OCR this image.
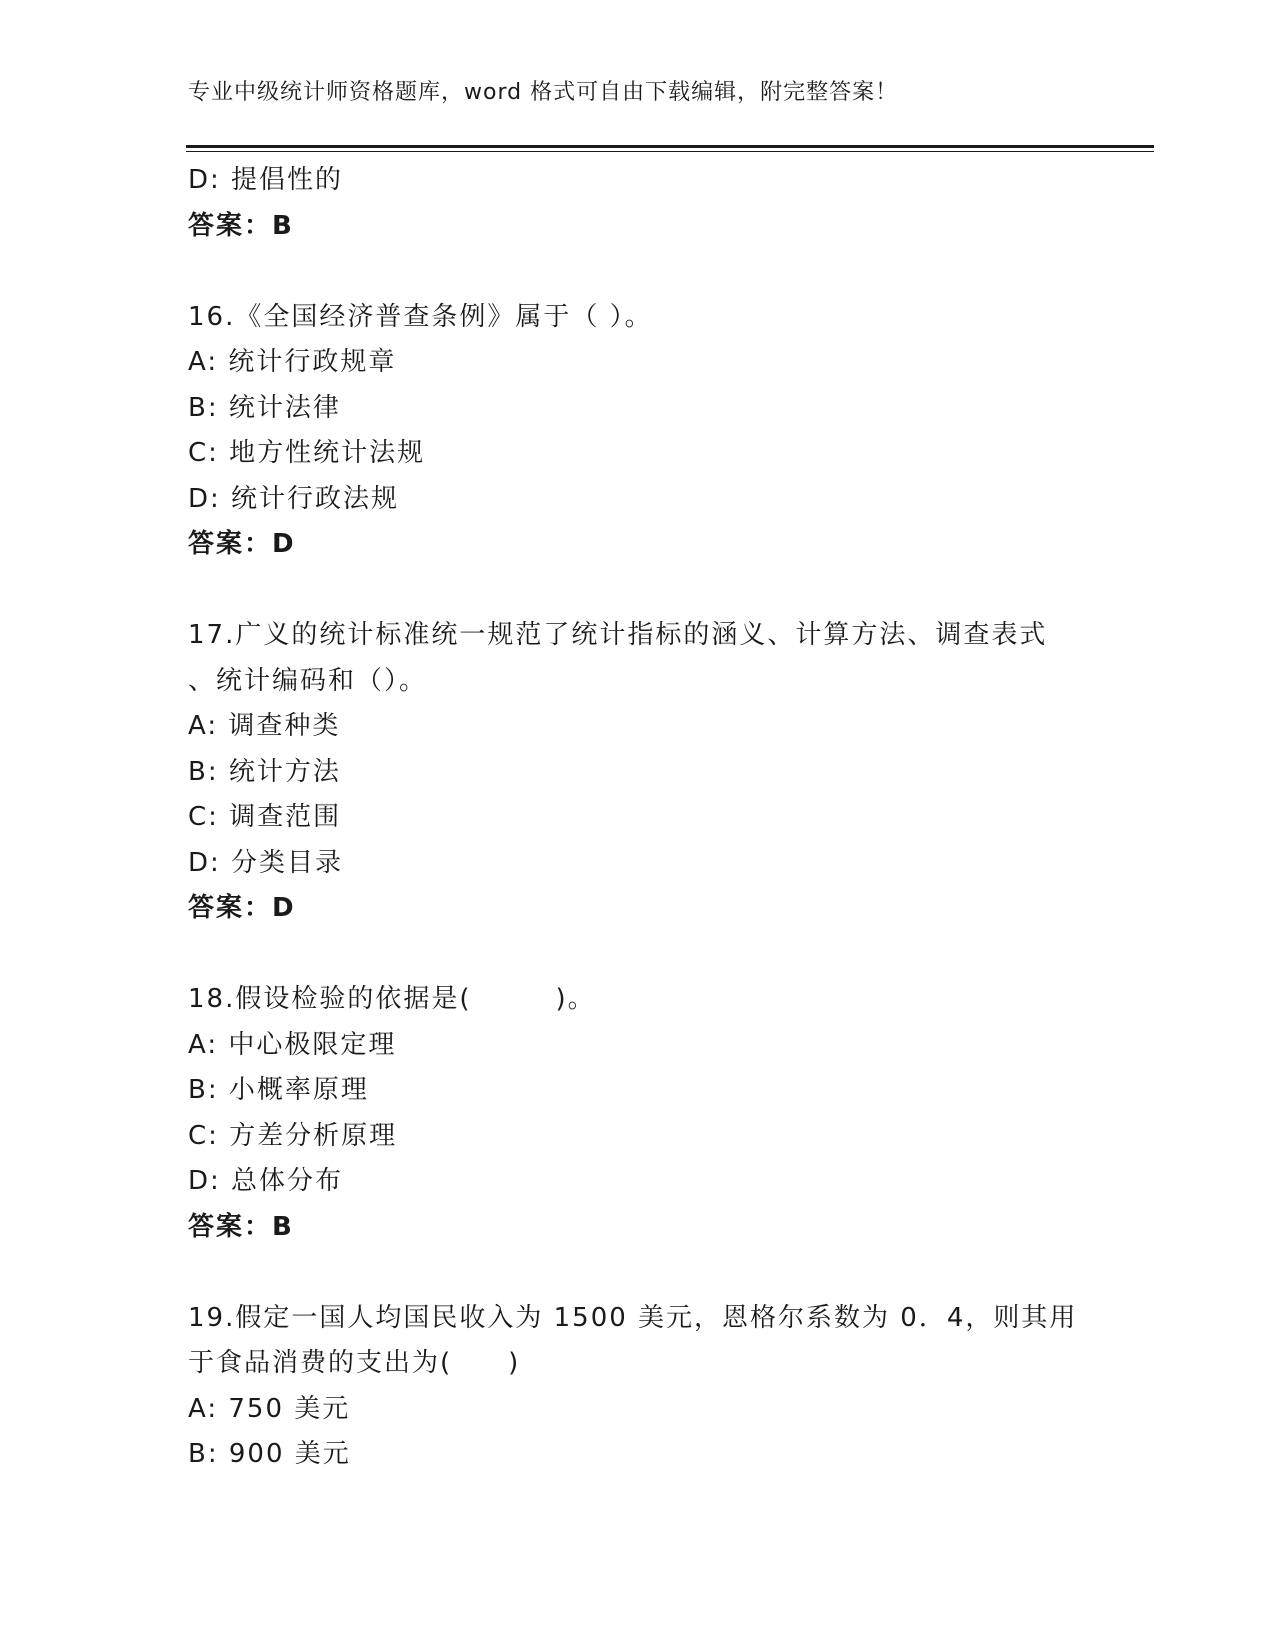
专业中级统计师资格题库，word 格式可自由下载编辑，附完整答案！
D: 提倡性的
答案：B
16.《全国经济普查条例》属于（ ）。
A: 统计行政规章
B: 统计法律
C: 地方性统计法规
D: 统计行政法规
答案：D
17.广义的统计标准统一规范了统计指标的涵义、计算方法、调查表式
、统计编码和（）。
A: 调查种类
B: 统计方法
C: 调查范围
D: 分类目录
答案：D
18.假设检验的依据是(　　　)。
A: 中心极限定理
B: 小概率原理
C: 方差分析原理
D: 总体分布
答案：B
19.假定一国人均国民收入为 1500 美元，恩格尔系数为 0．4，则其用
于食品消费的支出为(　　)
A: 750 美元
B: 900 美元
